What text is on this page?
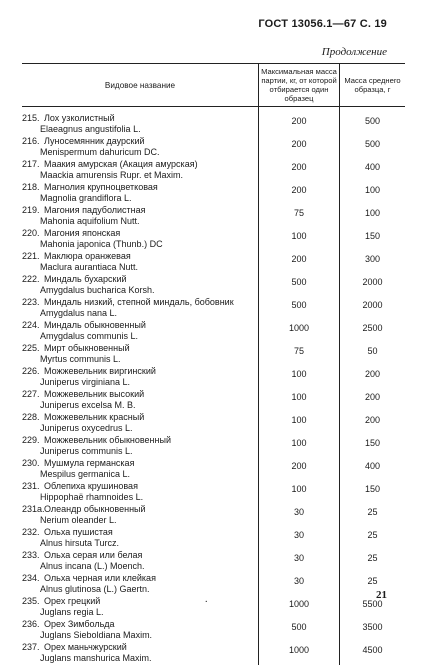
ГОСТ 13056.1—67 С. 19
Продолжение
Видовое название	Максимальная масса партии, кг, от которой отбирается один образец	Масса среднего образца, г

215. Лох узколистный
Elaeagnus angustifolia L.	200	500

216. Луносемянник даурский
Menispermum dahuricum DC.	200	500

217. Маакия амурская (Акация амурская)
Maackia amurensis Rupr. et Maxim.	200	400

218. Магнолия крупноцветковая
Magnolia grandiflora L.	200	100

219. Магония падуболистная
Mahonia aquifolium Nutt.	75	100

220. Магония японская
Mahonia japonica (Thunb.) DC	100	150

221. Маклюра оранжевая
Maclura aurantiaca Nutt.	200	300

222. Миндаль бухарский
Amygdalus bucharica Korsh.	500	2000

223. Миндаль низкий, степной миндаль, бобовник
Amygdalus nana L.	500	2000

224. Миндаль обыкновенный
Amygdalus communis L.	1000	2500

225. Мирт обыкновенный
Myrtus communis L.	75	50

226. Можжевельник виргинский
Juniperus virginiana L.	100	200

227. Можжевельник высокий
Juniperus excelsa M. B.	100	200

228. Можжевельник красный
Juniperus oxycedrus L.	100	200

229. Можжевельник обыкновенный
Juniperus communis L.	100	150

230. Мушмула германская
Mespilus germanica L.	200	400

231. Облепиха крушиновая
Hippophaë rhamnoides L.	100	150

231а.Олеандр обыкновенный
Nerium oleander L.	30	25

232. Ольха пушистая
Alnus hirsuta Turcz.	30	25

233. Ольха серая или белая
Alnus incana (L.) Moench.	30	25

234. Ольха черная или клейкая
Alnus glutinosa (L.) Gaertn.	30	25

235. Орех грецкий
Juglans regia L.	1000	5500

236. Орех Зимбольда
Juglans Sieboldiana Maxim.	500	3500

237. Орех маньчжурский
Juglans manshurica Maxim.	1000	4500
.	21
